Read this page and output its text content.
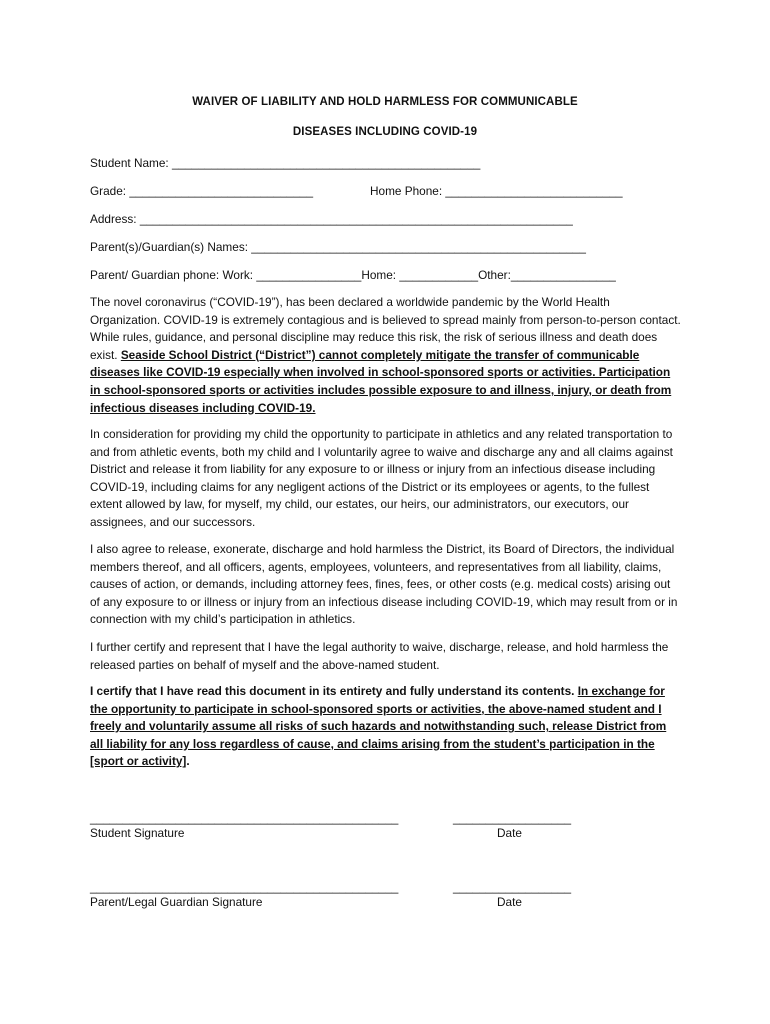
WAIVER OF LIABILITY AND HOLD HARMLESS FOR COMMUNICABLE
DISEASES INCLUDING COVID-19
Student Name: _______________________________________________
Grade: ____________________________	Home Phone: ___________________________
Address: __________________________________________________________________
Parent(s)/Guardian(s) Names: ___________________________________________________
Parent/ Guardian phone: Work: ________________Home: ____________Other:________________
The novel coronavirus (“COVID-19”), has been declared a worldwide pandemic by the World Health Organization. COVID-19 is extremely contagious and is believed to spread mainly from person-to-person contact. While rules, guidance, and personal discipline may reduce this risk, the risk of serious illness and death does exist. Seaside School District (“District”) cannot completely mitigate the transfer of communicable diseases like COVID-19 especially when involved in school-sponsored sports or activities. Participation in school-sponsored sports or activities includes possible exposure to and illness, injury, or death from infectious diseases including COVID-19.
In consideration for providing my child the opportunity to participate in athletics and any related transportation to and from athletic events, both my child and I voluntarily agree to waive and discharge any and all claims against District and release it from liability for any exposure to or illness or injury from an infectious disease including COVID-19, including claims for any negligent actions of the District or its employees or agents, to the fullest extent allowed by law, for myself, my child, our estates, our heirs, our administrators, our executors, our assignees, and our successors.
I also agree to release, exonerate, discharge and hold harmless the District, its Board of Directors, the individual members thereof, and all officers, agents, employees, volunteers, and representatives from all liability, claims, causes of action, or demands, including attorney fees, fines, fees, or other costs (e.g. medical costs) arising out of any exposure to or illness or injury from an infectious disease including COVID-19, which may result from or in connection with my child’s participation in athletics.
I further certify and represent that I have the legal authority to waive, discharge, release, and hold harmless the released parties on behalf of myself and the above-named student.
I certify that I have read this document in its entirety and fully understand its contents. In exchange for the opportunity to participate in school-sponsored sports or activities, the above-named student and I freely and voluntarily assume all risks of such hazards and notwithstanding such, release District from all liability for any loss regardless of cause, and claims arising from the student’s participation in the [sport or activity].
_______________________________________________	__________________
Student Signature	Date
_______________________________________________	__________________
Parent/Legal Guardian Signature	Date
